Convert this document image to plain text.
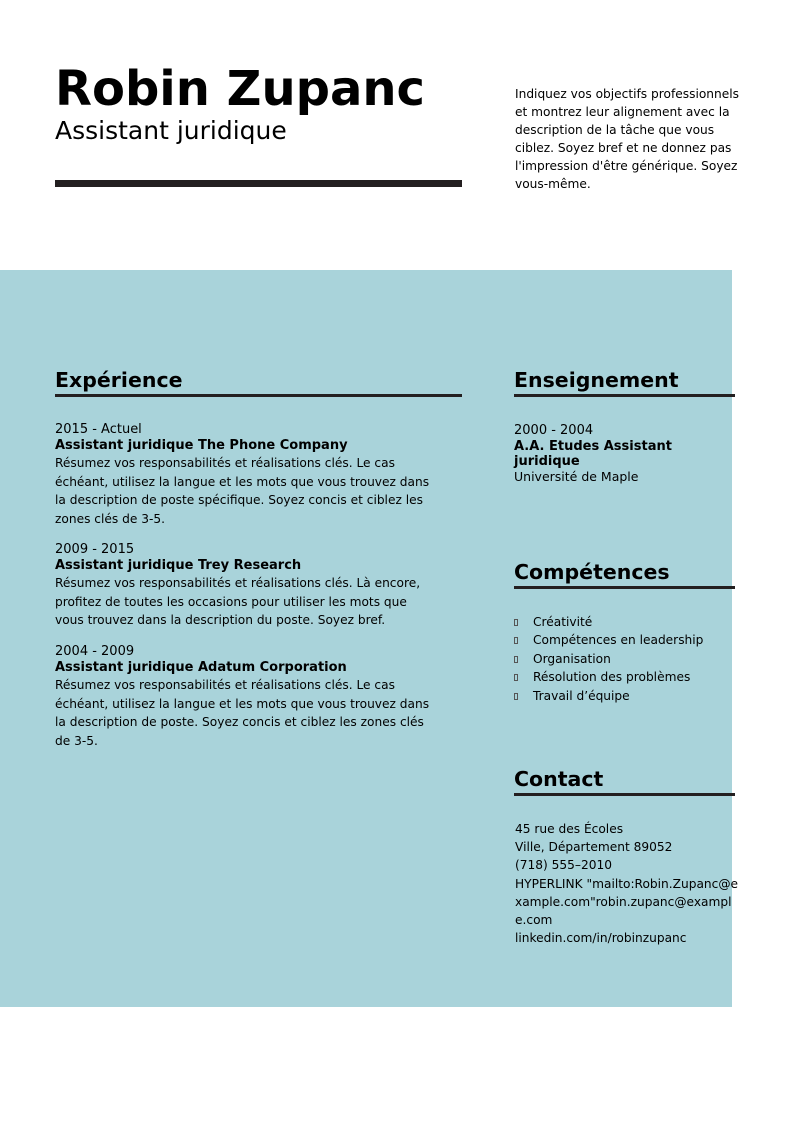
Robin Zupanc
Assistant juridique
Indiquez vos objectifs professionnels et montrez leur alignement avec la description de la tâche que vous ciblez. Soyez bref et ne donnez pas l'impression d'être générique. Soyez vous-même.
Expérience
2015 - Actuel
Assistant juridique The Phone Company
Résumez vos responsabilités et réalisations clés. Le cas échéant, utilisez la langue et les mots que vous trouvez dans la description de poste spécifique. Soyez concis et ciblez les zones clés de 3-5.
2009 - 2015
Assistant juridique Trey Research
Résumez vos responsabilités et réalisations clés. Là encore, profitez de toutes les occasions pour utiliser les mots que vous trouvez dans la description du poste. Soyez bref.
2004 - 2009
Assistant juridique Adatum Corporation
Résumez vos responsabilités et réalisations clés. Le cas échéant, utilisez la langue et les mots que vous trouvez dans la description de poste. Soyez concis et ciblez les zones clés de 3-5.
Enseignement
2000 - 2004
A.A. Etudes Assistant juridique
Université de Maple
Compétences
Créativité
Compétences en leadership
Organisation
Résolution des problèmes
Travail d’équipe
Contact
45 rue des Écoles
Ville, Département 89052
(718) 555–2010
HYPERLINK "mailto:Robin.Zupanc@example.com"robin.zupanc@example.com
linkedin.com/in/robinzupanc
